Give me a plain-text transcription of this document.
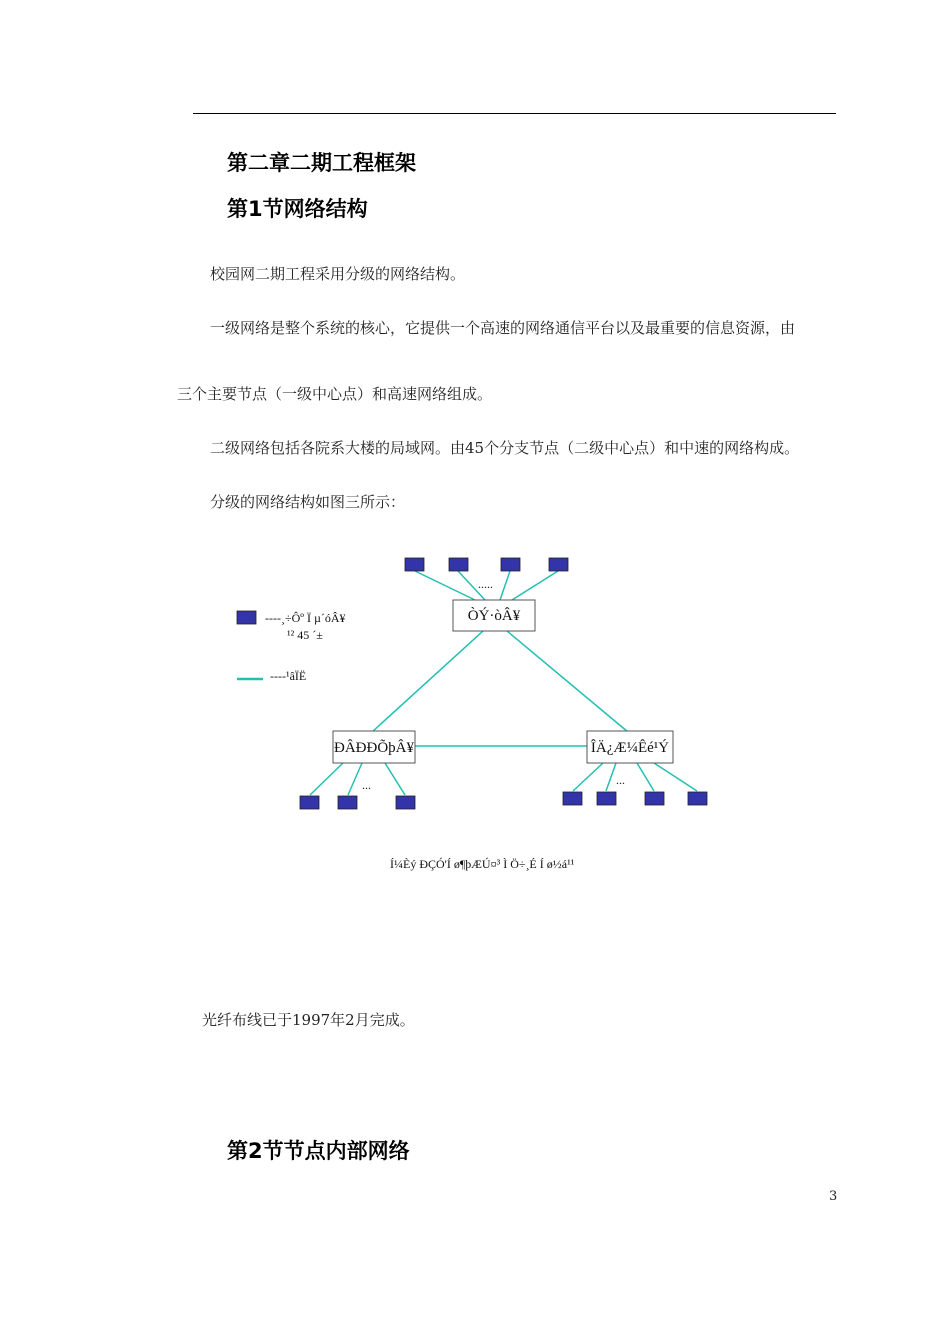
第二章二期工程框架
第1节网络结构
校园网二期工程采用分级的网络结构。
一级网络是整个系统的核心，它提供一个高速的网络通信平台以及最重要的信息资源，由
三个主要节点（一级中心点）和高速网络组成。
二级网络包括各院系大楼的局域网。由45个分支节点（二级中心点）和中速的网络构成。
分级的网络结构如图三所示：
ÒÝ·òÂ¥
ÐÂÐÐÕþÂ¥	ÎÄ¿Æ¼Êé¹Ý
.....
...	...
----¸÷Ôº Ï µ´óÂ¥
¹² 45 ´±
----¹âÏË
Í¼Èý ÐÇÓ'Í ø¶þÆÚ¤³ Ì Ö÷¸É Í ø½á¹¹
光纤布线已于1997年2月完成。
第2节节点内部网络
3
